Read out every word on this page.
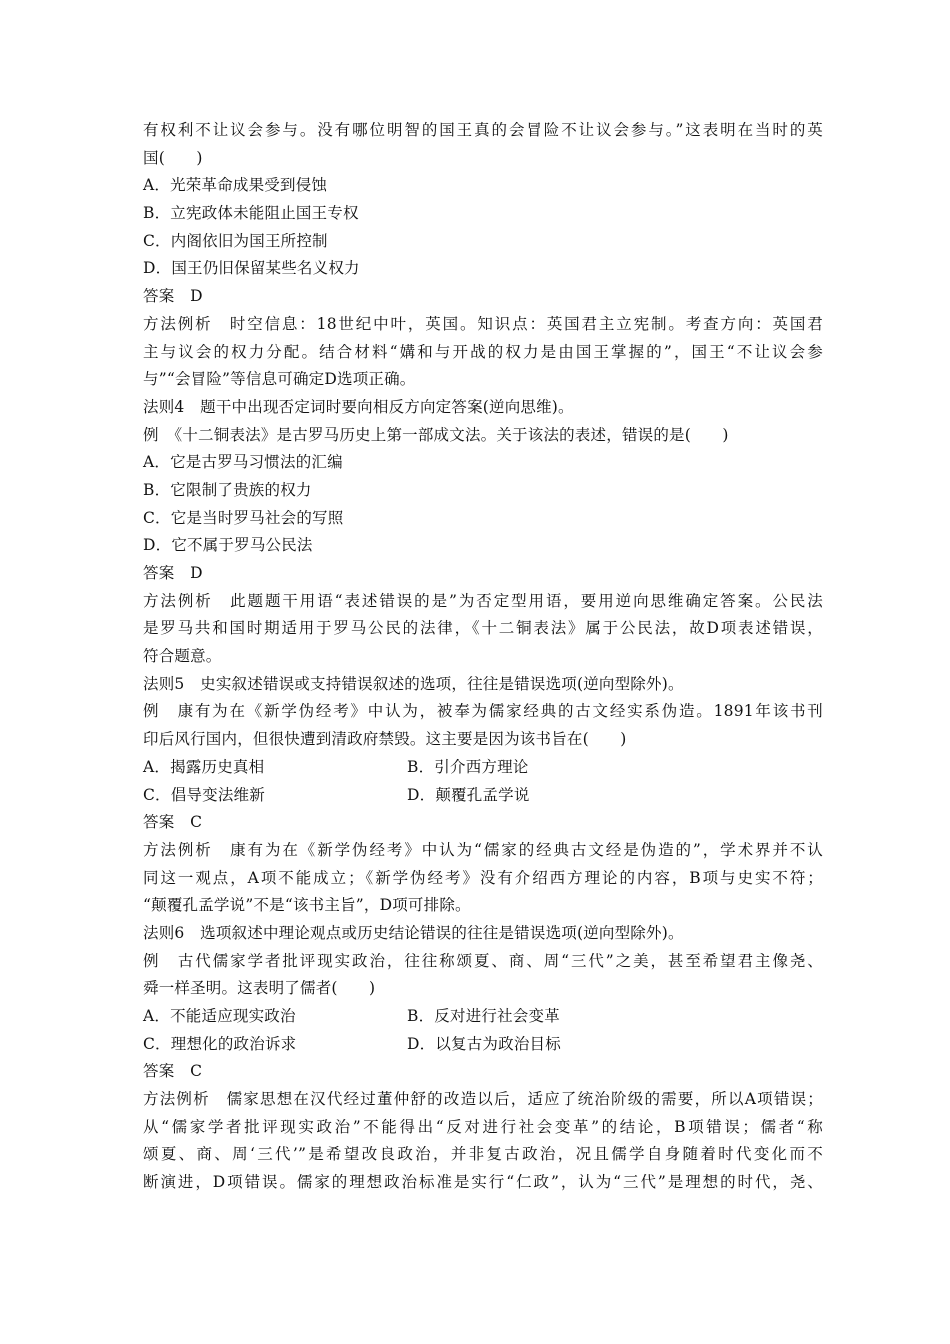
有权利不让议会参与。没有哪位明智的国王真的会冒险不让议会参与。”这表明在当时的英
国(　　)
A．光荣革命成果受到侵蚀
B．立宪政体未能阻止国王专权
C．内阁依旧为国王所控制
D．国王仍旧保留某些名义权力
答案　D
方法例析　时空信息：18世纪中叶，英国。知识点：英国君主立宪制。考查方向：英国君
主与议会的权力分配。结合材料“媾和与开战的权力是由国王掌握的”，国王“不让议会参
与”“会冒险”等信息可确定D选项正确。
法则4　题干中出现否定词时要向相反方向定答案(逆向思维)。
例　《十二铜表法》是古罗马历史上第一部成文法。关于该法的表述，错误的是(　　)
A．它是古罗马习惯法的汇编
B．它限制了贵族的权力
C．它是当时罗马社会的写照
D．它不属于罗马公民法
答案　D
方法例析　此题题干用语“表述错误的是”为否定型用语，要用逆向思维确定答案。公民法
是罗马共和国时期适用于罗马公民的法律，《十二铜表法》属于公民法，故D项表述错误，
符合题意。
法则5　史实叙述错误或支持错误叙述的选项，往往是错误选项(逆向型除外)。
例　康有为在《新学伪经考》中认为，被奉为儒家经典的古文经实系伪造。1891年该书刊
印后风行国内，但很快遭到清政府禁毁。这主要是因为该书旨在(　　)
A．揭露历史真相	B．引介西方理论
C．倡导变法维新	D．颠覆孔孟学说
答案　C
方法例析　康有为在《新学伪经考》中认为“儒家的经典古文经是伪造的”，学术界并不认
同这一观点，A项不能成立；《新学伪经考》没有介绍西方理论的内容，B项与史实不符；
“颠覆孔孟学说”不是“该书主旨”，D项可排除。
法则6　选项叙述中理论观点或历史结论错误的往往是错误选项(逆向型除外)。
例　古代儒家学者批评现实政治，往往称颂夏、商、周“三代”之美，甚至希望君主像尧、
舜一样圣明。这表明了儒者(　　)
A．不能适应现实政治	B．反对进行社会变革
C．理想化的政治诉求	D．以复古为政治目标
答案　C
方法例析　儒家思想在汉代经过董仲舒的改造以后，适应了统治阶级的需要，所以A项错误；
从“儒家学者批评现实政治”不能得出“反对进行社会变革”的结论，B项错误；儒者“称
颂夏、商、周‘三代’”是希望改良政治，并非复古政治，况且儒学自身随着时代变化而不
断演进，D项错误。儒家的理想政治标准是实行“仁政”，认为“三代”是理想的时代，尧、
